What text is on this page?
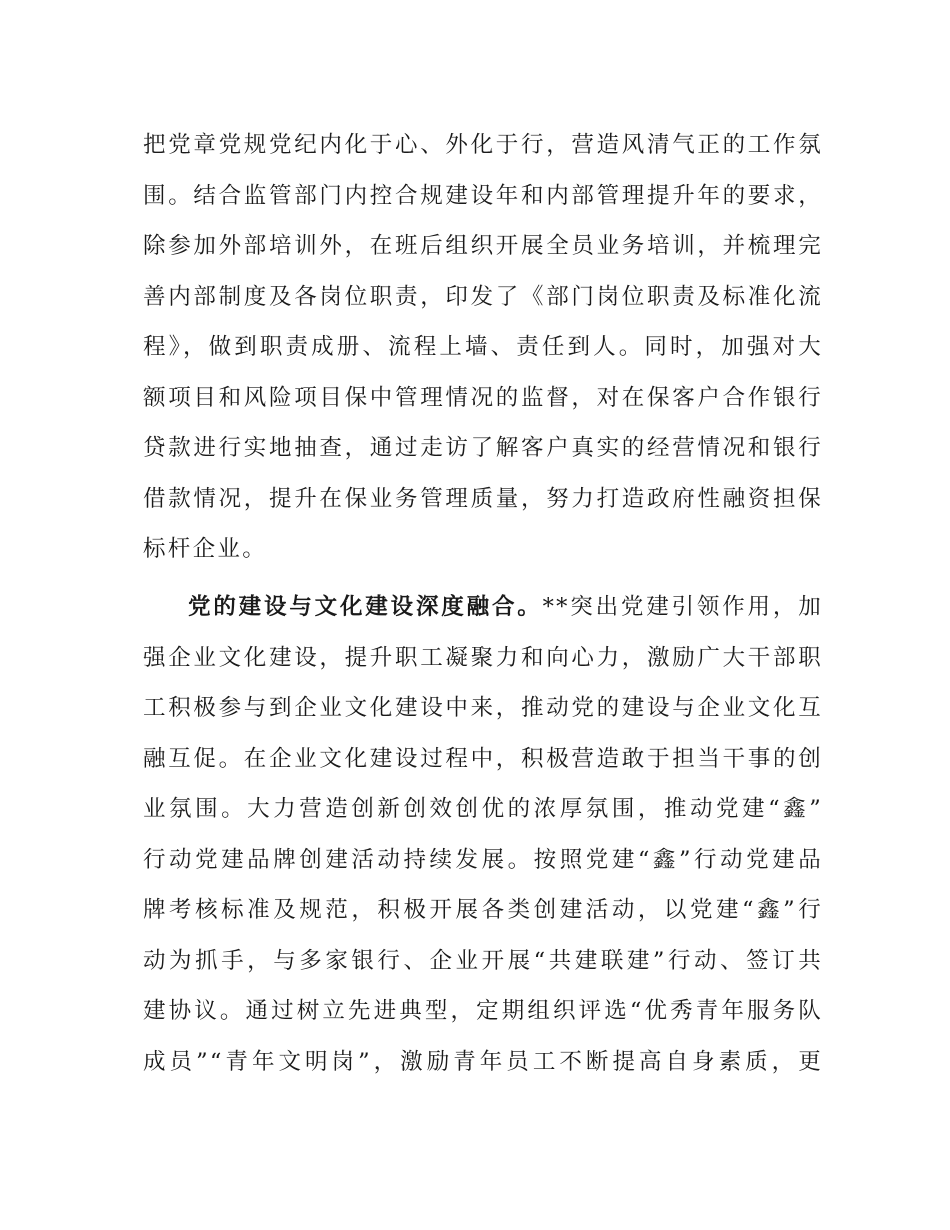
把党章党规党纪内化于心、外化于行，营造风清气正的工作氛
围。结合监管部门内控合规建设年和内部管理提升年的要求，
除参加外部培训外，在班后组织开展全员业务培训，并梳理完
善内部制度及各岗位职责，印发了《部门岗位职责及标准化流
程》，做到职责成册、流程上墙、责任到人。同时，加强对大
额项目和风险项目保中管理情况的监督，对在保客户合作银行
贷款进行实地抽查，通过走访了解客户真实的经营情况和银行
借款情况，提升在保业务管理质量，努力打造政府性融资担保
标杆企业。
党的建设与文化建设深度融合。**突出党建引领作用，加
强企业文化建设，提升职工凝聚力和向心力，激励广大干部职
工积极参与到企业文化建设中来，推动党的建设与企业文化互
融互促。在企业文化建设过程中，积极营造敢于担当干事的创
业氛围。大力营造创新创效创优的浓厚氛围，推动党建“鑫”
行动党建品牌创建活动持续发展。按照党建“鑫”行动党建品
牌考核标准及规范，积极开展各类创建活动，以党建“鑫”行
动为抓手，与多家银行、企业开展“共建联建”行动、签订共
建协议。通过树立先进典型，定期组织评选“优秀青年服务队
成员”“青年文明岗”，激励青年员工不断提高自身素质，更
